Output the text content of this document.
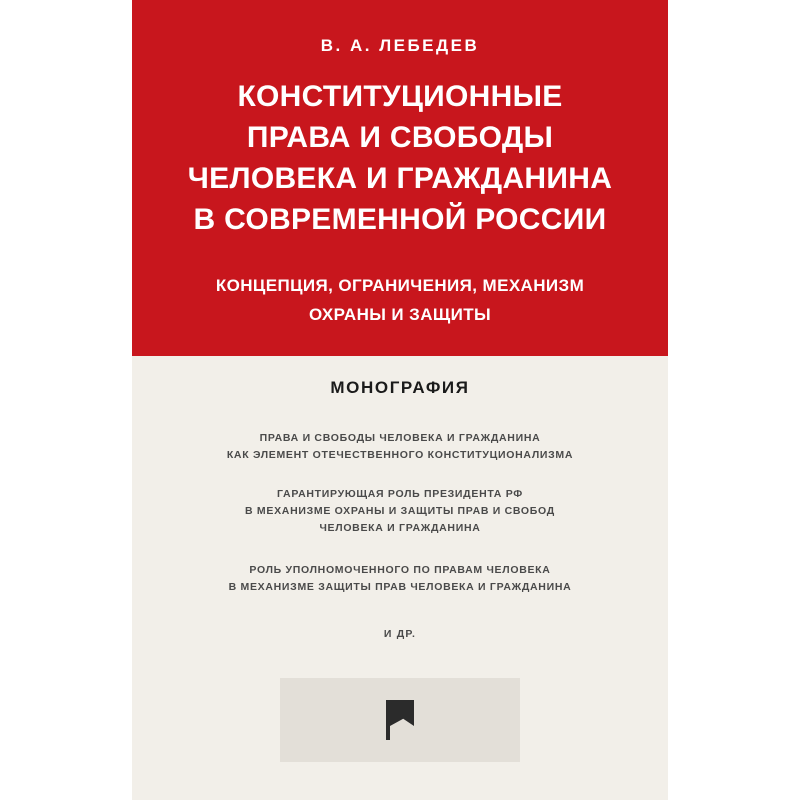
В. А. ЛЕБЕДЕВ
КОНСТИТУЦИОННЫЕ
ПРАВА И СВОБОДЫ
ЧЕЛОВЕКА И ГРАЖДАНИНА
В СОВРЕМЕННОЙ РОССИИ
КОНЦЕПЦИЯ, ОГРАНИЧЕНИЯ, МЕХАНИЗМ
ОХРАНЫ И ЗАЩИТЫ
МОНОГРАФИЯ
ПРАВА И СВОБОДЫ ЧЕЛОВЕКА И ГРАЖДАНИНА
КАК ЭЛЕМЕНТ ОТЕЧЕСТВЕННОГО КОНСТИТУЦИОНАЛИЗМА
ГАРАНТИРУЮЩАЯ РОЛЬ ПРЕЗИДЕНТА РФ
В МЕХАНИЗМЕ ОХРАНЫ И ЗАЩИТЫ ПРАВ И СВОБОД
ЧЕЛОВЕКА И ГРАЖДАНИНА
РОЛЬ УПОЛНОМОЧЕННОГО ПО ПРАВАМ ЧЕЛОВЕКА
В МЕХАНИЗМЕ ЗАЩИТЫ ПРАВ ЧЕЛОВЕКА И ГРАЖДАНИНА
И ДР.
